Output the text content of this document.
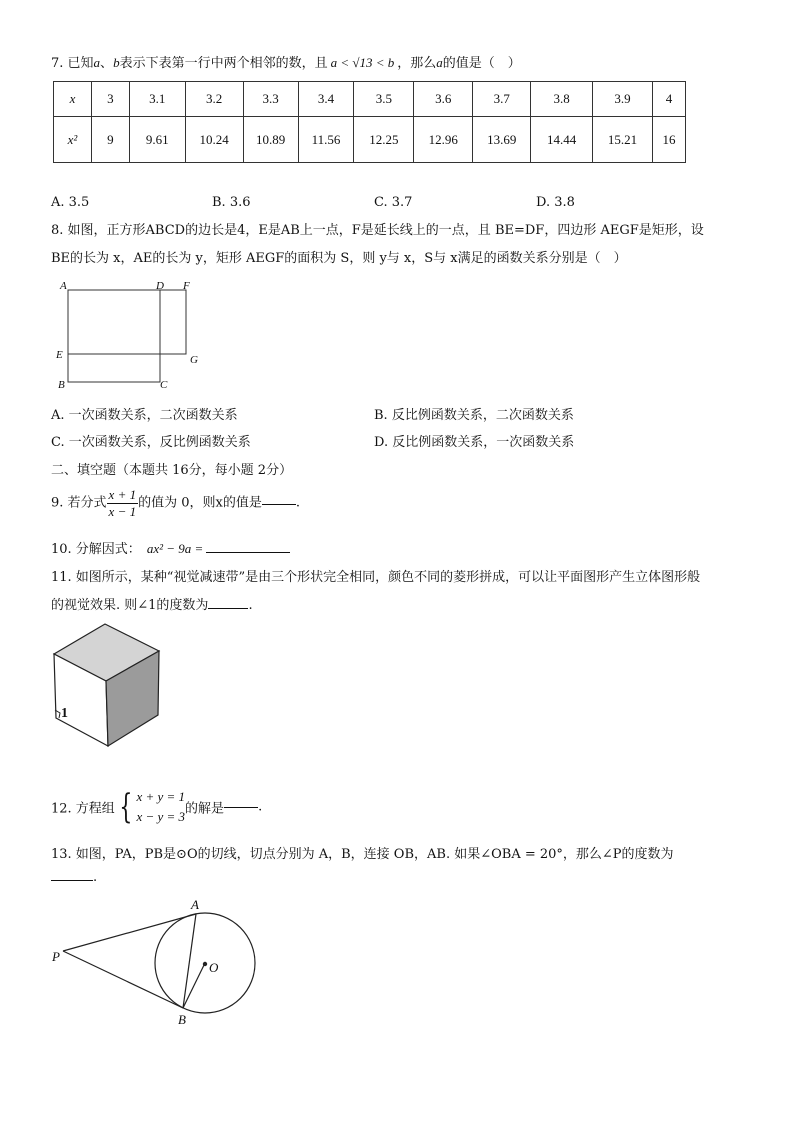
7. 已知a、b表示下表第一行中两个相邻的数，且 a < √13 < b ，那么a的值是（　）
x	3	3.1	3.2	3.3	3.4	3.5	3.6	3.7	3.8	3.9	4
x²	9	9.61	10.24	10.89	11.56	12.25	12.96	13.69	14.44	15.21	16
A. 3.5	B. 3.6	C. 3.7	D. 3.8
8. 如图，正方形ABCD的边长是4，E是AB上一点，F是延长线上的一点，且 BE=DF，四边形 AEGF是矩形，设
BE的长为 x，AE的长为 y，矩形 AEGF的面积为 S，则 y与 x，S与 x满足的函数关系分别是（　）
A	D F
E	G
B	C
A. 一次函数关系，二次函数关系	B. 反比例函数关系，二次函数关系
C. 一次函数关系，反比例函数关系	D. 反比例函数关系，一次函数关系
二、填空题（本题共 16分，每小题 2分）
9. 若分式 $\frac{x + 1}{x - 1}$ 的值为 0，则x的值是	.
10. 分解因式： ax² − 9a =
11. 如图所示，某种“视觉减速带”是由三个形状完全相同，颜色不同的菱形拼成，可以让平面图形产生立体图形般
的视觉效果. 则∠1的度数为	.
1
12. 方程组 { x + y = 1
x − y = 3 的解是	.
13. 如图，PA，PB是⊙O的切线，切点分别为 A，B，连接 OB，AB. 如果∠OBA = 20°，那么∠P的度数为
.
A
P
O
B
